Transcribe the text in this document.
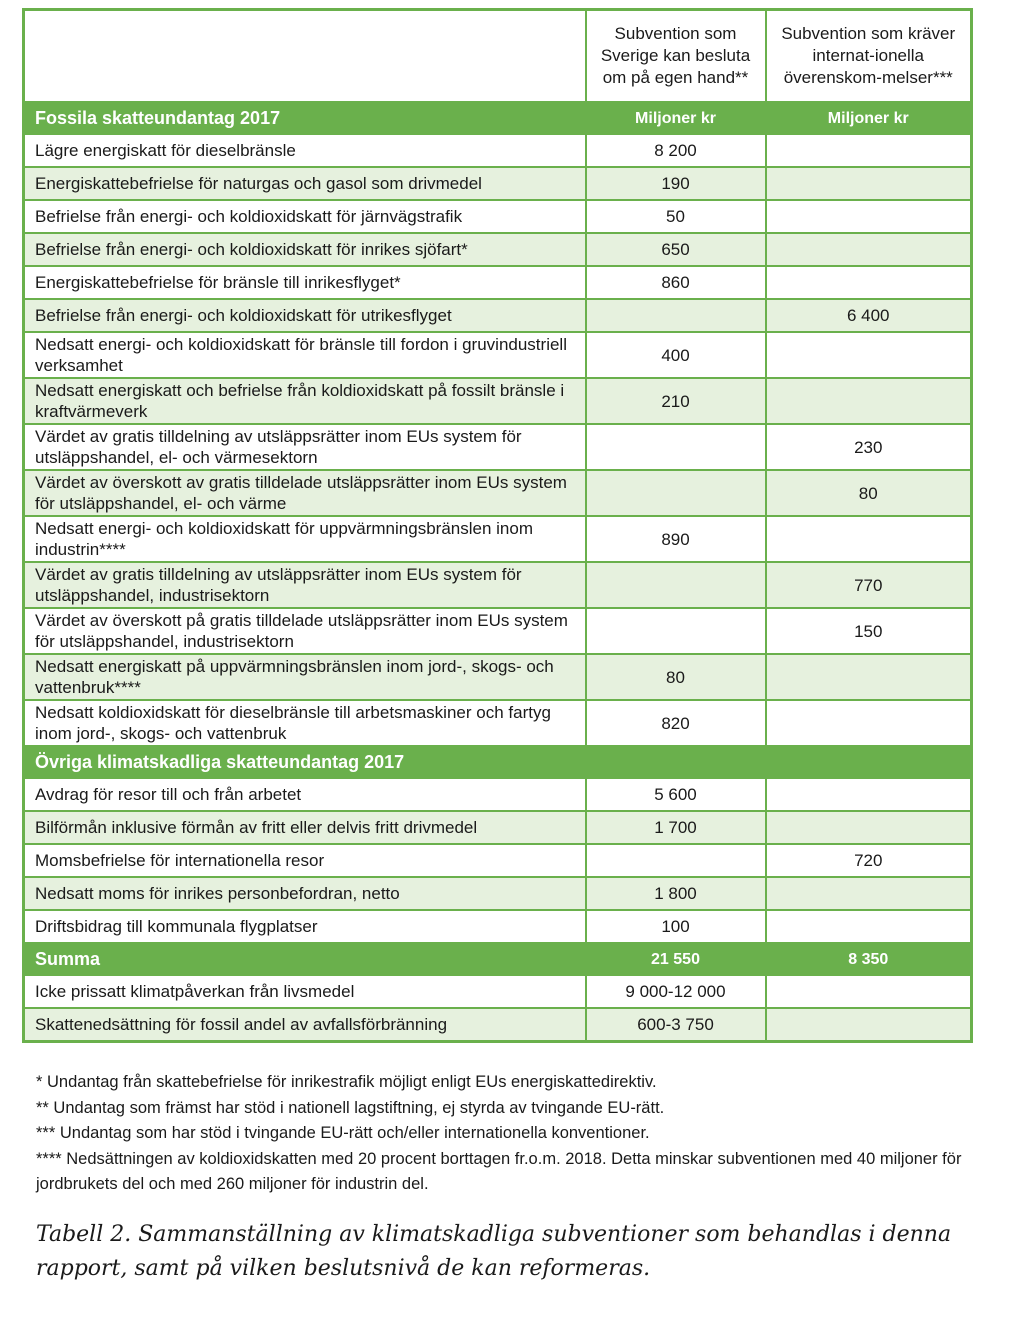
	Subvention som Sverige kan besluta om på egen hand**	Subvention som kräver internat-ionella överenskom-melser***
Fossila skatteundantag 2017	Miljoner kr	Miljoner kr
Lägre energiskatt för dieselbränsle	8 200	
Energiskattebefrielse för naturgas och gasol som drivmedel	190	
Befrielse från energi- och koldioxidskatt för järnvägstrafik	50	
Befrielse från energi- och koldioxidskatt för inrikes sjöfart*	650	
Energiskattebefrielse för bränsle till inrikesflyget*	860	
Befrielse från energi- och koldioxidskatt för utrikesflyget		6 400
Nedsatt energi- och koldioxidskatt för bränsle till fordon i gruvindustriell verksamhet	400	
Nedsatt energiskatt och befrielse från koldioxidskatt på fossilt bränsle i kraftvärmeverk	210	
Värdet av gratis tilldelning av utsläppsrätter inom EUs system för utsläppshandel, el- och värmesektorn		230
Värdet av överskott av gratis tilldelade utsläppsrätter inom EUs system för utsläppshandel, el- och värme		80
Nedsatt energi- och koldioxidskatt för uppvärmningsbränslen inom industrin****	890	
Värdet av gratis tilldelning av utsläppsrätter inom EUs system för utsläppshandel, industrisektorn		770
Värdet av överskott på gratis tilldelade utsläppsrätter inom EUs system för utsläppshandel, industrisektorn		150
Nedsatt energiskatt på uppvärmningsbränslen inom jord-, skogs- och vattenbruk****	80	
Nedsatt koldioxidskatt för dieselbränsle till arbetsmaskiner och fartyg inom jord-, skogs- och vattenbruk	820	
Övriga klimatskadliga skatteundantag 2017		
Avdrag för resor till och från arbetet	5 600	
Bilförmån inklusive förmån av fritt eller delvis fritt drivmedel	1 700	
Momsbefrielse för internationella resor		720
Nedsatt moms för inrikes personbefordran, netto	1 800	
Driftsbidrag till kommunala flygplatser	100	
Summa	21 550	8 350
Icke prissatt klimatpåverkan från livsmedel	9 000-12 000	
Skattenedsättning för fossil andel av avfallsförbränning	600-3 750	
* Undantag från skattebefrielse för inrikestrafik möjligt enligt EUs energiskattedirektiv.
** Undantag som främst har stöd i nationell lagstiftning, ej styrda av tvingande EU-rätt.
*** Undantag som har stöd i tvingande EU-rätt och/eller internationella konventioner.
**** Nedsättningen av koldioxidskatten med 20 procent borttagen fr.o.m. 2018. Detta minskar subventionen med 40 miljoner för jordbrukets del och med 260 miljoner för industrin del.
Tabell 2. Sammanställning av klimatskadliga subventioner som behandlas i denna rapport, samt på vilken beslutsnivå de kan reformeras.
